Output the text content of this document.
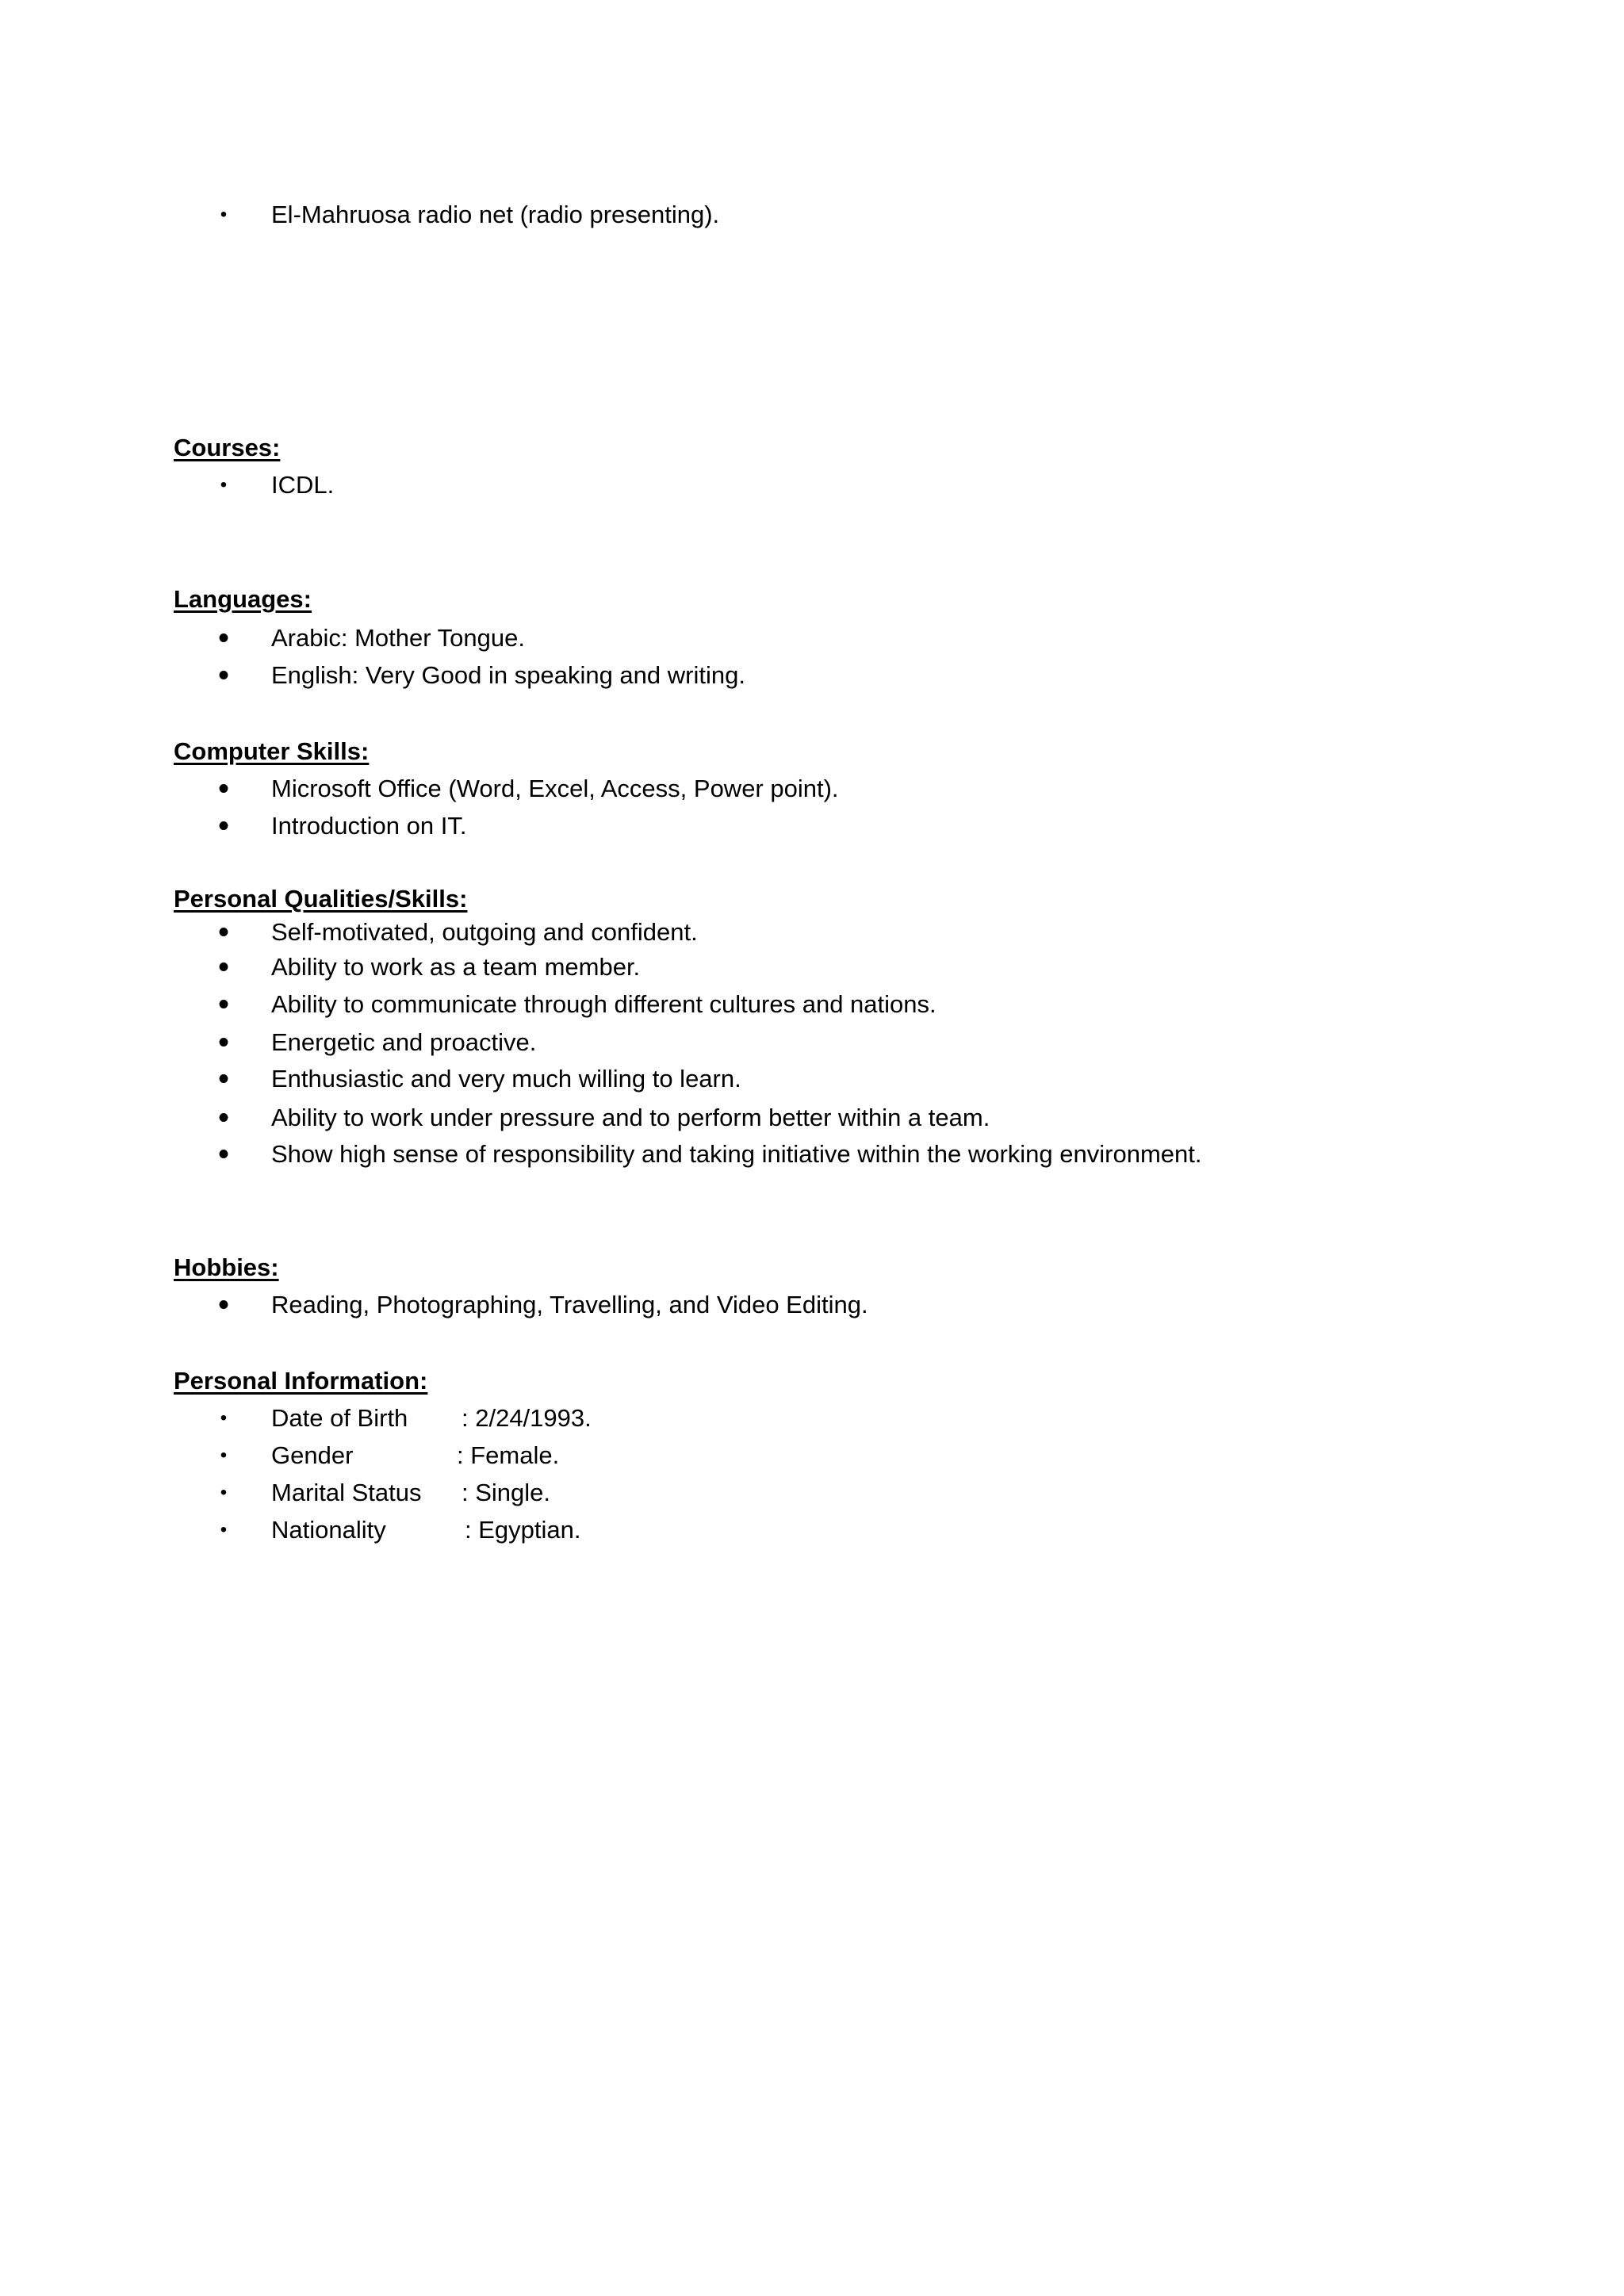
• El-Mahruosa radio net (radio presenting).

Courses:

• ICDL.

Languages:

• Arabic: Mother Tongue.

• English: Very Good in speaking and writing.

Computer Skills:

• Microsoft Office (Word, Excel, Access, Power point).

• Introduction on IT.

Personal Qualities/Skills:

• Self-motivated, outgoing and confident.

• Ability to work as a team member.

• Ability to communicate through different cultures and nations.

• Energetic and proactive.

• Enthusiastic and very much willing to learn.

• Ability to work under pressure and to perform better within a team.

• Show high sense of responsibility and taking initiative within the working environment.

Hobbies:

• Reading, Photographing, Travelling, and Video Editing.

Personal Information:

• Date of Birth : 2/24/1993.

• Gender	: Female.

• Marital Status : Single.

• Nationality	: Egyptian.
